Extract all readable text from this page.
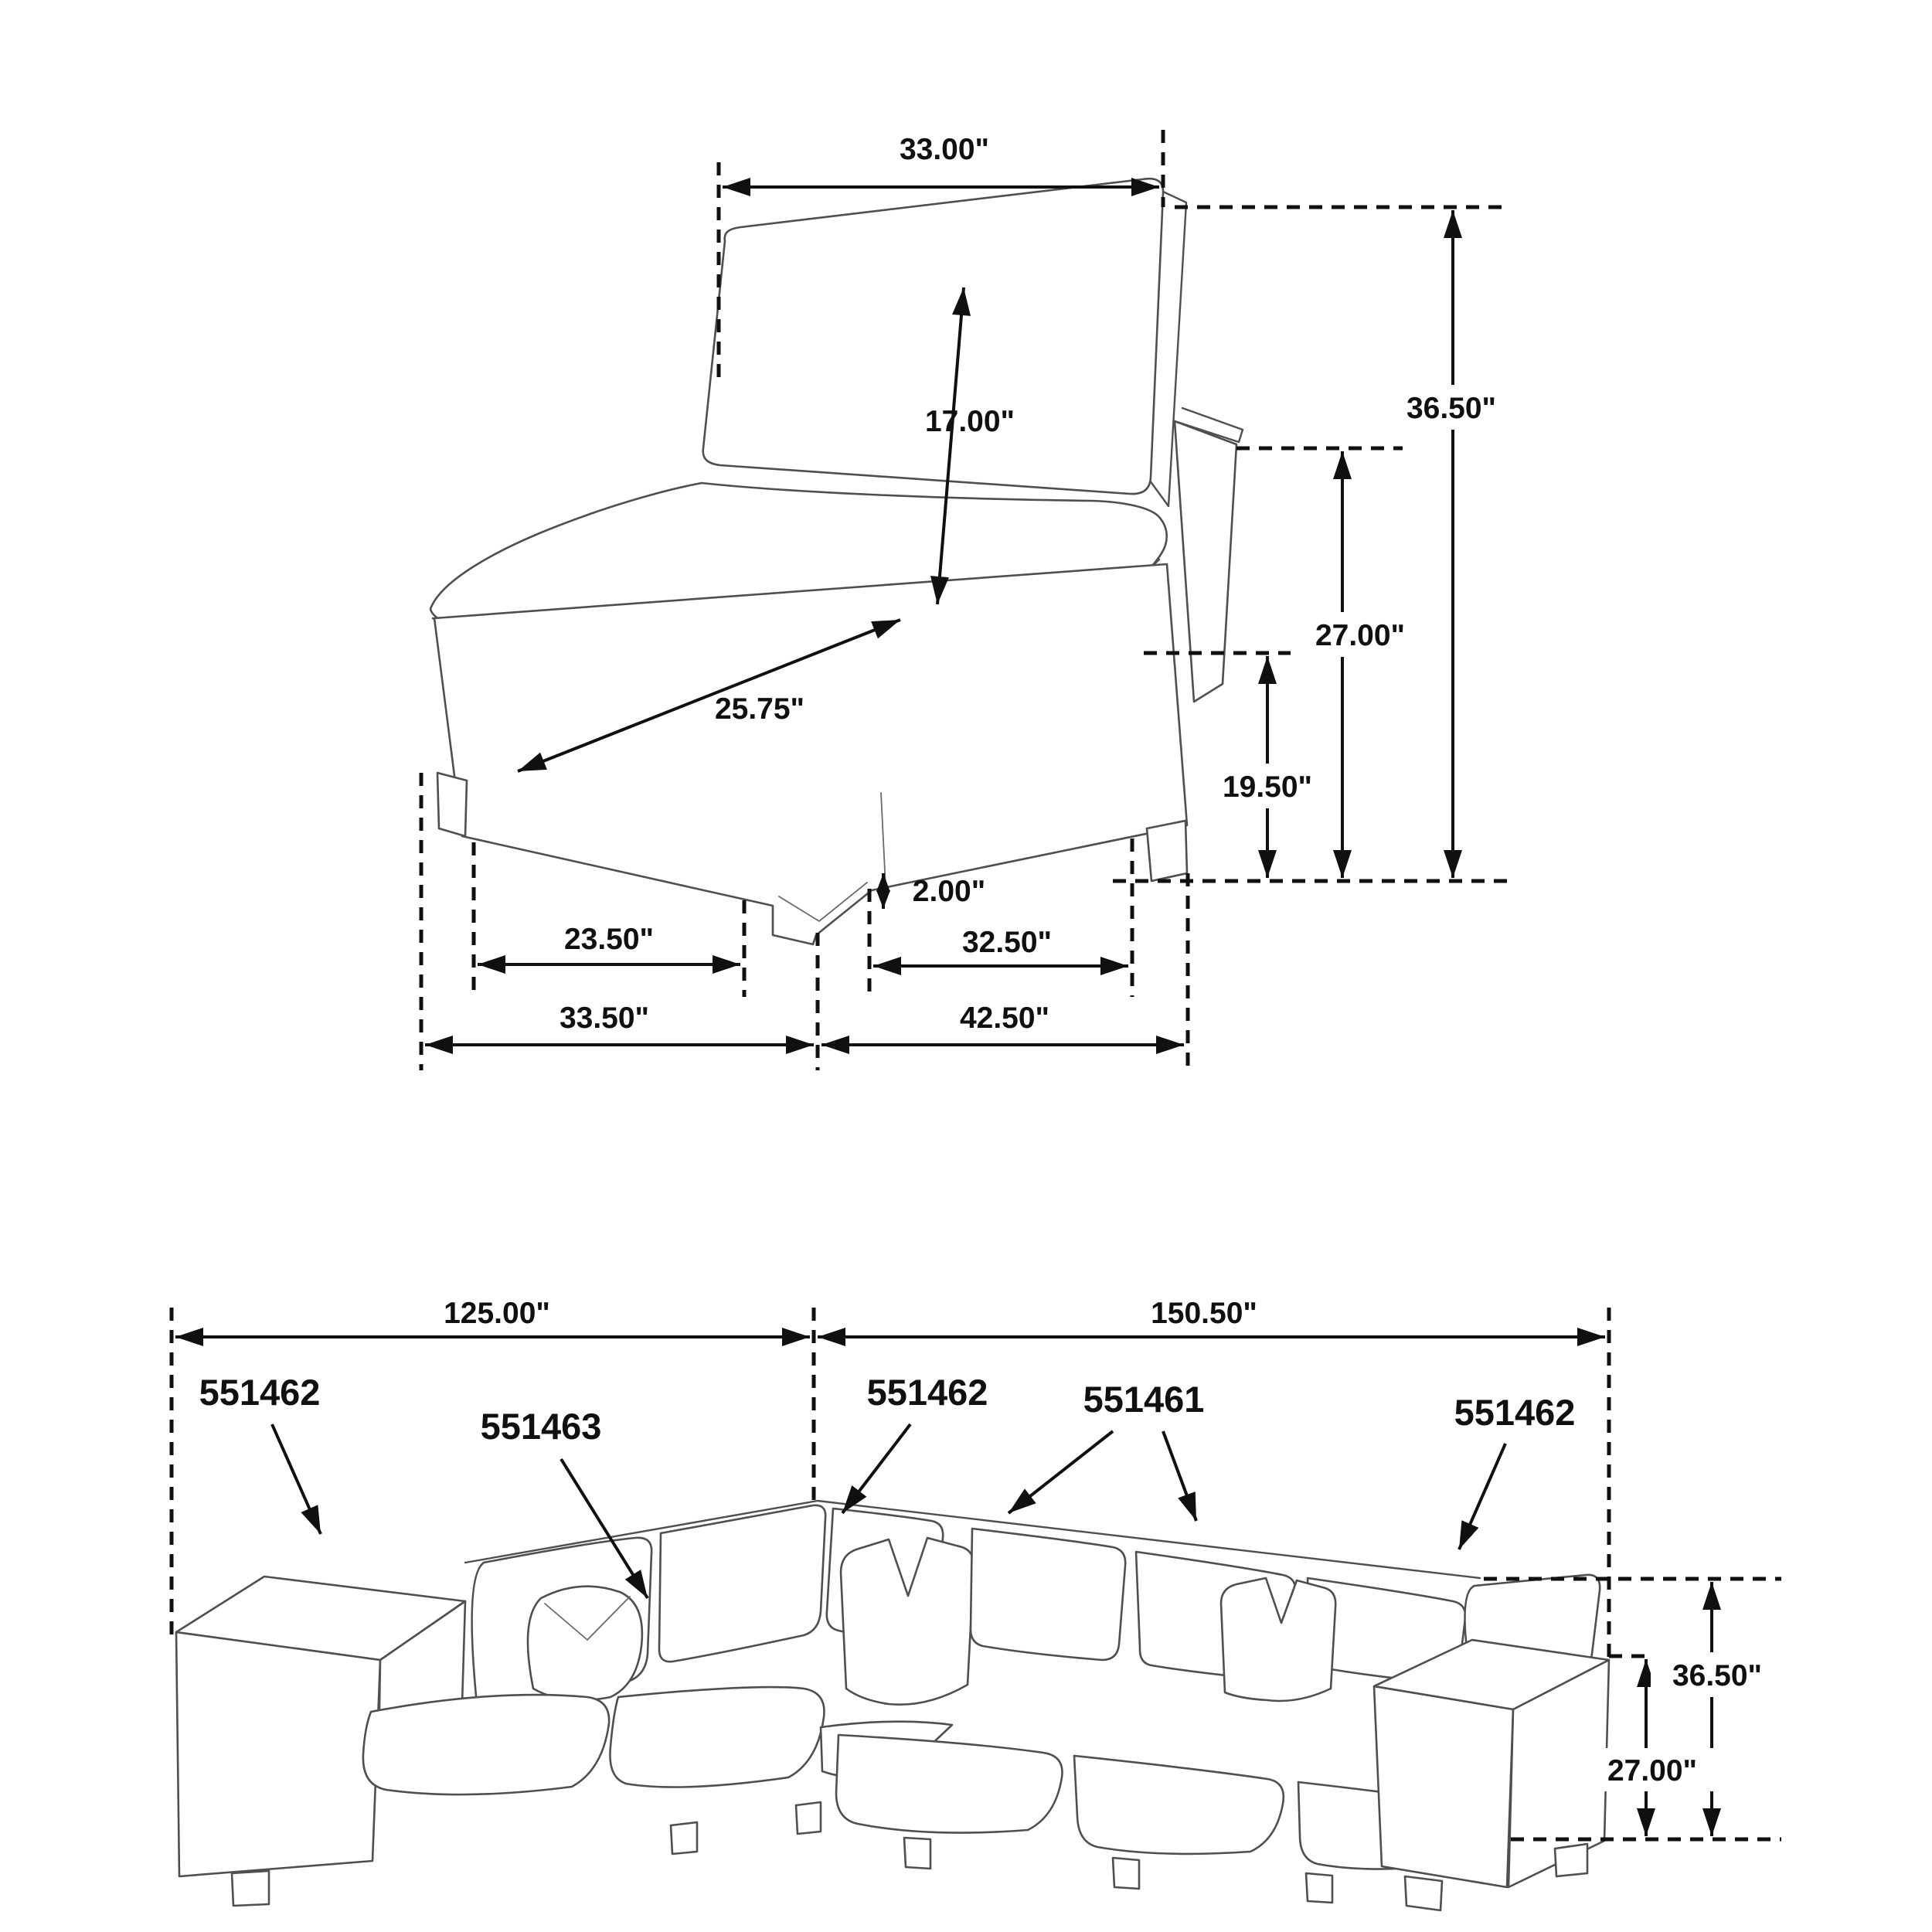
33.00"
36.50"
17.00"
27.00"
25.75"
19.50"
2.00"
23.50"	32.50"
33.50"	42.50"
125.00"	150.50"
36.50"
27.00"
551462
551463
551462	551461	551462
